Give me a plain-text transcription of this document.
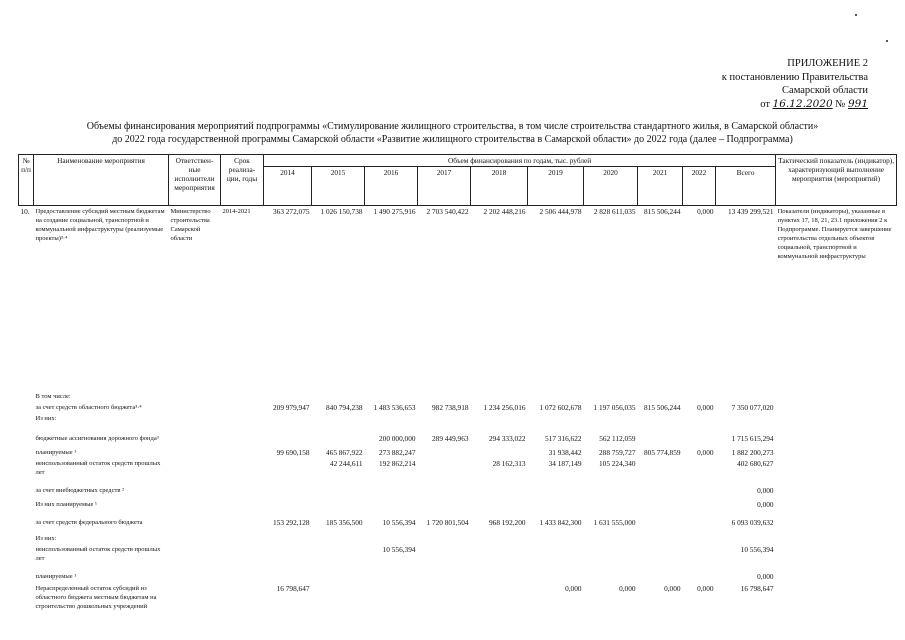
ПРИЛОЖЕНИЕ 2
к постановлению Правительства
Самарской области
от 16.12.2020 № 991
Объемы финансирования мероприятий подпрограммы «Стимулирование жилищного строительства, в том числе строительства стандартного жилья, в Самарской области»
до 2022 года государственной программы Самарской области «Развитие жилищного строительства в Самарской области» до 2022 года (далее – Подпрограмма)
№ п/п	Наименование мероприятия	Ответствен-ные исполнители мероприятия	Срок реализа-ции, годы	Объем финансирования по годам, тыс. рублей										Тактический показатель (индикатор), характеризующий выполнение мероприятия (мероприятий)
				2014	2015	2016	2017	2018	2019	2020	2021	2022	Всего	
10.	Предоставление субсидий местным бюджетам на создание социальной, транспортной и коммунальной инфраструктуры (реализуемые проекты)³·⁴	Министерство строительства Самарской области	2014-2021	363 272,075	1 026 150,738	1 490 275,916	2 703 540,422	2 202 448,216	2 506 444,978	2 828 611,035	815 506,244	0,000	13 439 299,521	Показатели (индикаторы), указанные в пунктах 17, 18, 21, 23.1 приложения 2 к Подпрограмме. Планируется завершение строительства отдельных объектов социальной, транспортной и коммунальной инфраструктуры
	В том числе:													
	за счет средств областного бюджета³·⁴			209 979,947	840 794,238	1 483 536,653	982 738,918	1 234 256,016	1 072 602,678	1 197 056,035	815 506,244	0,000	7 350 077,020	
	Из них:													
	бюджетные ассигнования дорожного фонда³					200 000,000	289 449,963	294 333,022	517 316,622	562 112,059			1 715 615,294	
	планируемые ¹			99 690,158	465 867,922	273 882,247			31 938,442	288 759,727	805 774,859	0,000	1 882 200,273	
	неиспользованный остаток средств прошлых лет				42 244,611	192 862,214		28 162,313	34 187,149	105 224,340			402 680,627	
	за счет внебюджетных средств ²												0,000	
	Из них планируемые ¹												0,000	
	за счет средств федерального бюджета			153 292,128	185 356,500	10 556,394	1 720 801,504	968 192,200	1 433 842,300	1 631 555,000			6 093 039,632	
	Из них:													
	неиспользованный остаток средств прошлых лет					10 556,394							10 556,394	
	планируемые ¹												0,000	
	Нераспределенный остаток субсидий из областного бюджета местным бюджетам на строительство дошкольных учреждений			16 798,647					0,000	0,000	0,000	0,000	16 798,647	
